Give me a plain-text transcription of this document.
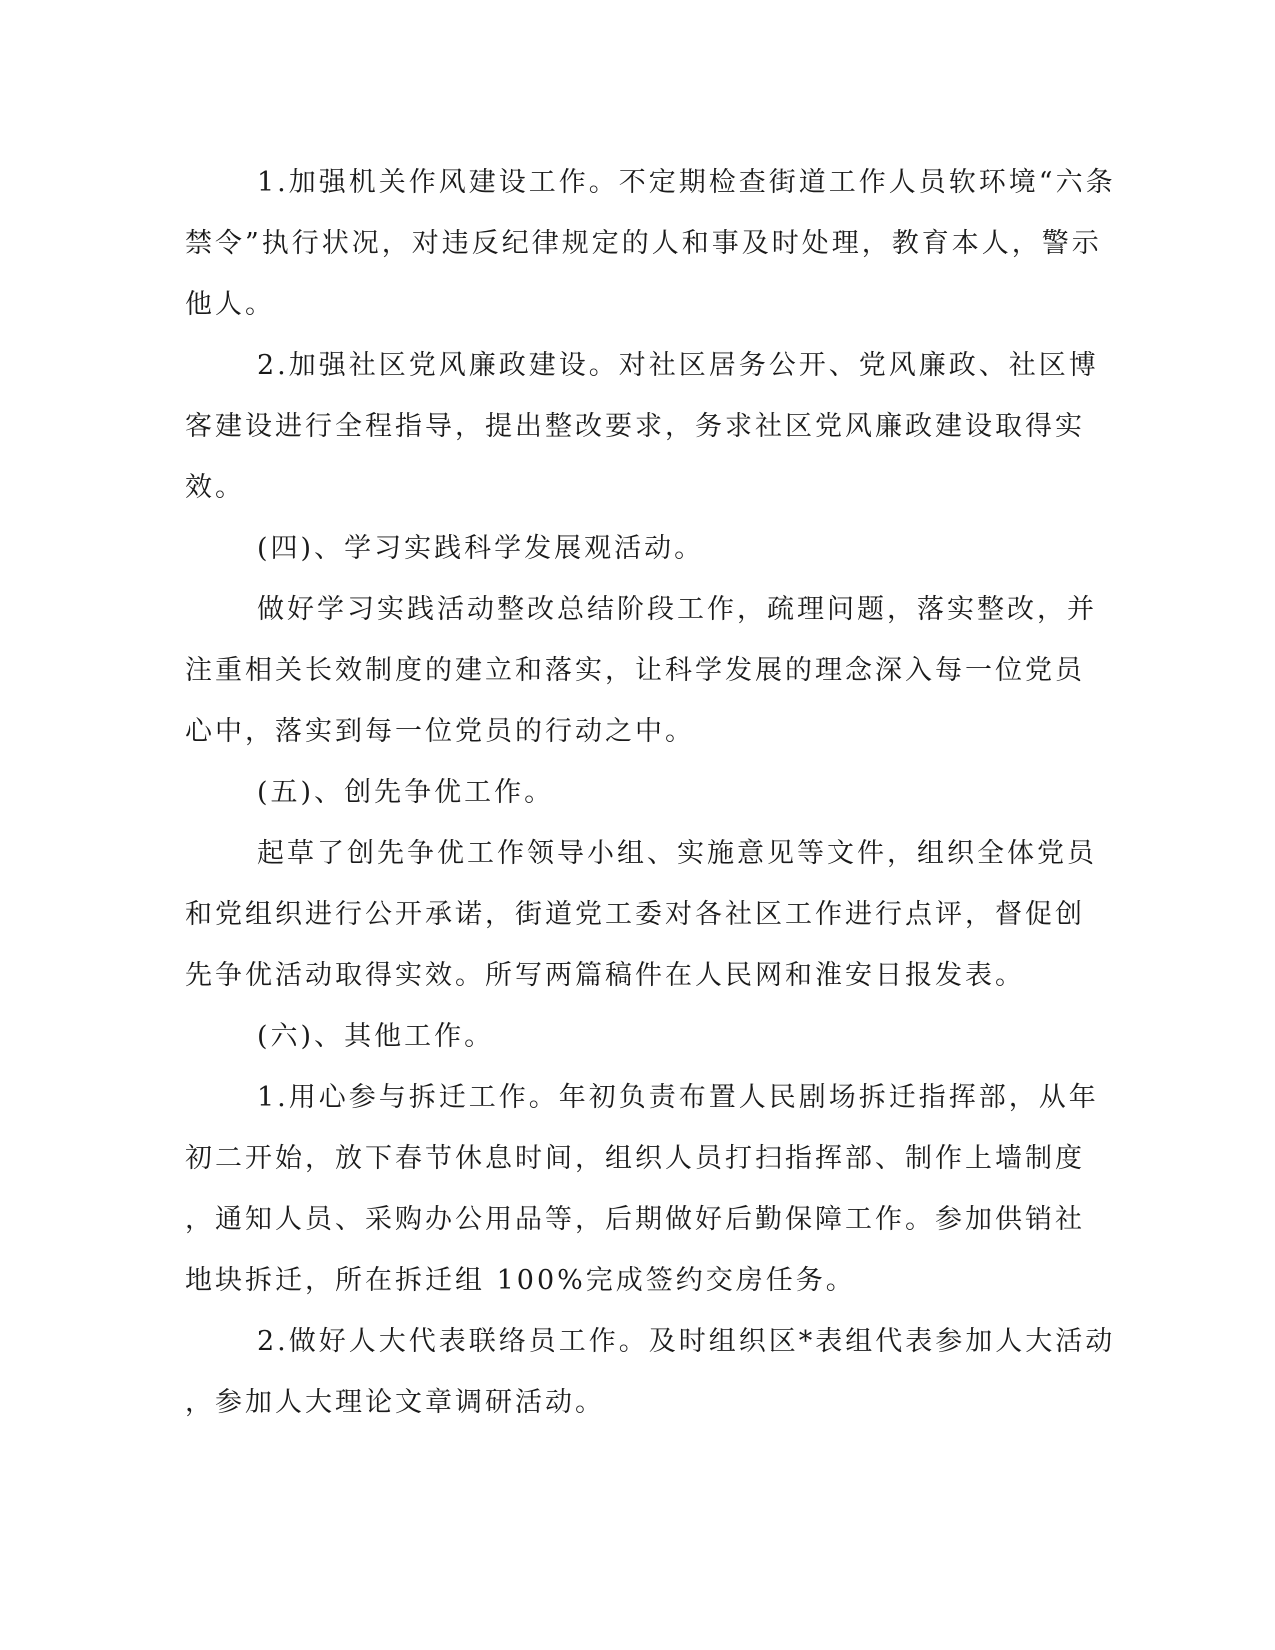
1.加强机关作风建设工作。不定期检查街道工作人员软环境“六条
禁令”执行状况，对违反纪律规定的人和事及时处理，教育本人，警示
他人。
2.加强社区党风廉政建设。对社区居务公开、党风廉政、社区博
客建设进行全程指导，提出整改要求，务求社区党风廉政建设取得实
效。
(四)、学习实践科学发展观活动。
做好学习实践活动整改总结阶段工作，疏理问题，落实整改，并
注重相关长效制度的建立和落实，让科学发展的理念深入每一位党员
心中，落实到每一位党员的行动之中。
(五)、创先争优工作。
起草了创先争优工作领导小组、实施意见等文件，组织全体党员
和党组织进行公开承诺，街道党工委对各社区工作进行点评，督促创
先争优活动取得实效。所写两篇稿件在人民网和淮安日报发表。
(六)、其他工作。
1.用心参与拆迁工作。年初负责布置人民剧场拆迁指挥部，从年
初二开始，放下春节休息时间，组织人员打扫指挥部、制作上墙制度
，通知人员、采购办公用品等，后期做好后勤保障工作。参加供销社
地块拆迁，所在拆迁组 100%完成签约交房任务。
2.做好人大代表联络员工作。及时组织区*表组代表参加人大活动
，参加人大理论文章调研活动。
